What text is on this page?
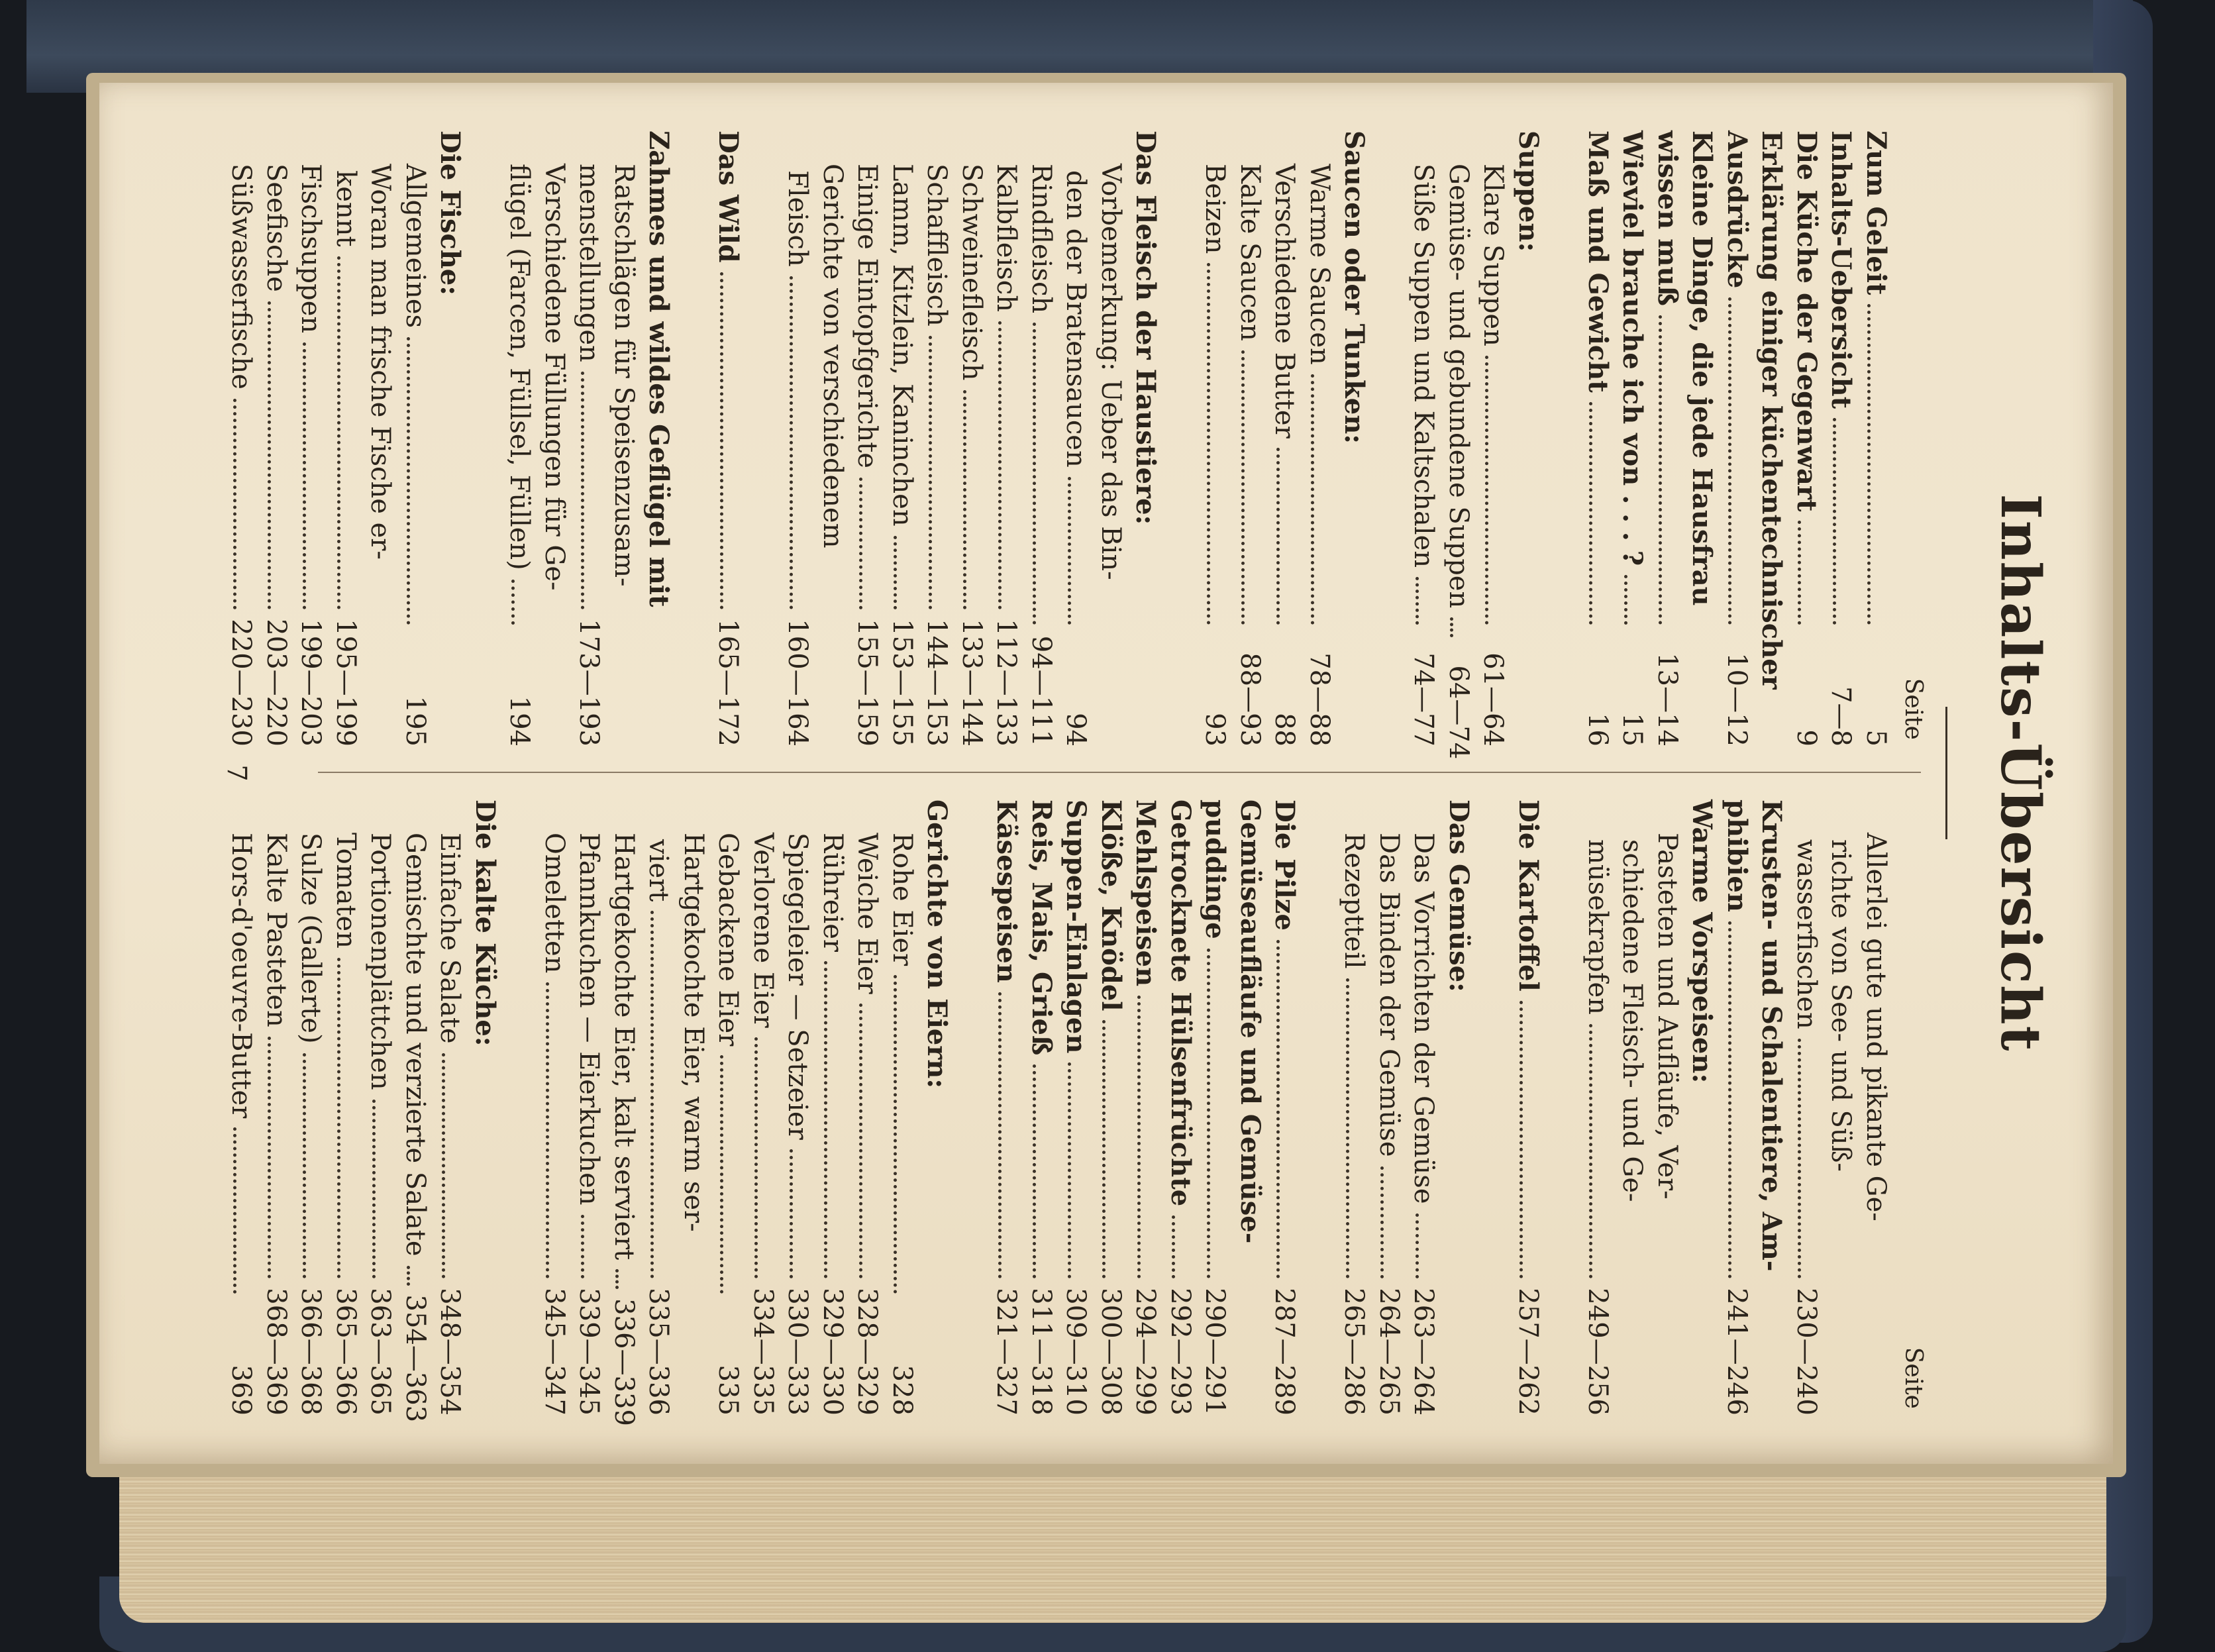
Inhalts-Übersicht
Seite
Zum Geleit
5
Inhalts-Uebersicht
7—8
Die Küche der Gegenwart
9
Erklärung einiger küchentechnischer
Ausdrücke
10—12
Kleine Dinge, die jede Hausfrau
wissen muß
13—14
Wieviel brauche ich von . . . ?
15
Maß und Gewicht
16
Suppen:
Klare Suppen
61—64
Gemüse- und gebundene Suppen
64—74
Süße Suppen und Kaltschalen
74—77
Saucen oder Tunken:
Warme Saucen
78—88
Verschiedene Butter
88
Kalte Saucen
88—93
Beizen
93
Das Fleisch der Haustiere:
Vorbemerkung: Ueber das Bin-
den der Bratensaucen
94
Rindfleisch
94—111
Kalbfleisch
112—133
Schweinefleisch
133—144
Schaffleisch
144—153
Lamm, Kitzlein, Kaninchen
153—155
Einige Eintopfgerichte
155—159
Gerichte von verschiedenem
Fleisch
160—164
Das Wild
165—172
Zahmes und wildes Geflügel mit
Ratschlägen für Speisenzusam-
menstellungen
173—193
Verschiedene Füllungen für Ge-
flügel (Farcen, Füllsel, Füllen)
194
Die Fische:
Allgemeines
195
Woran man frische Fische er-
kennt
195—199
Fischsuppen
199—203
Seefische
203—220
Süßwasserfische
220—230
Seite
Allerlei gute und pikante Ge-
richte von See- und Süß-
wasserfischen
230—240
Krusten- und Schalentiere, Am-
phibien
241—246
Warme Vorspeisen:
Pasteten und Aufläufe, Ver-
schiedene Fleisch- und Ge-
müsekrapfen
249—256
Die Kartoffel
257—262
Das Gemüse:
Das Vorrichten der Gemüse
263—264
Das Binden der Gemüse
264—265
Rezeptteil
265—286
Die Pilze
287—289
Gemüseaufläufe und Gemüse-
puddinge
290—291
Getrocknete Hülsenfrüchte
292—293
Mehlspeisen
294—299
Klöße, Knödel
300—308
Suppen-Einlagen
309—310
Reis, Mais, Grieß
311—318
Käsespeisen
321—327
Gerichte von Eiern:
Rohe Eier
328
Weiche Eier
328—329
Rühreier
329—330
Spiegeleier — Setzeier
330—333
Verlorene Eier
334—335
Gebackene Eier
335
Hartgekochte Eier, warm ser-
viert
335—336
Hartgekochte Eier, kalt serviert
336—339
Pfannkuchen — Eierkuchen
339—345
Omeletten
345—347
Die kalte Küche:
Einfache Salate
348—354
Gemischte und verzierte Salate
354—363
Portionenplättchen
363—365
Tomaten
365—366
Sulze (Gallerte)
366—368
Kalte Pasteten
368—369
Hors-d'oeuvre-Butter
369
7
